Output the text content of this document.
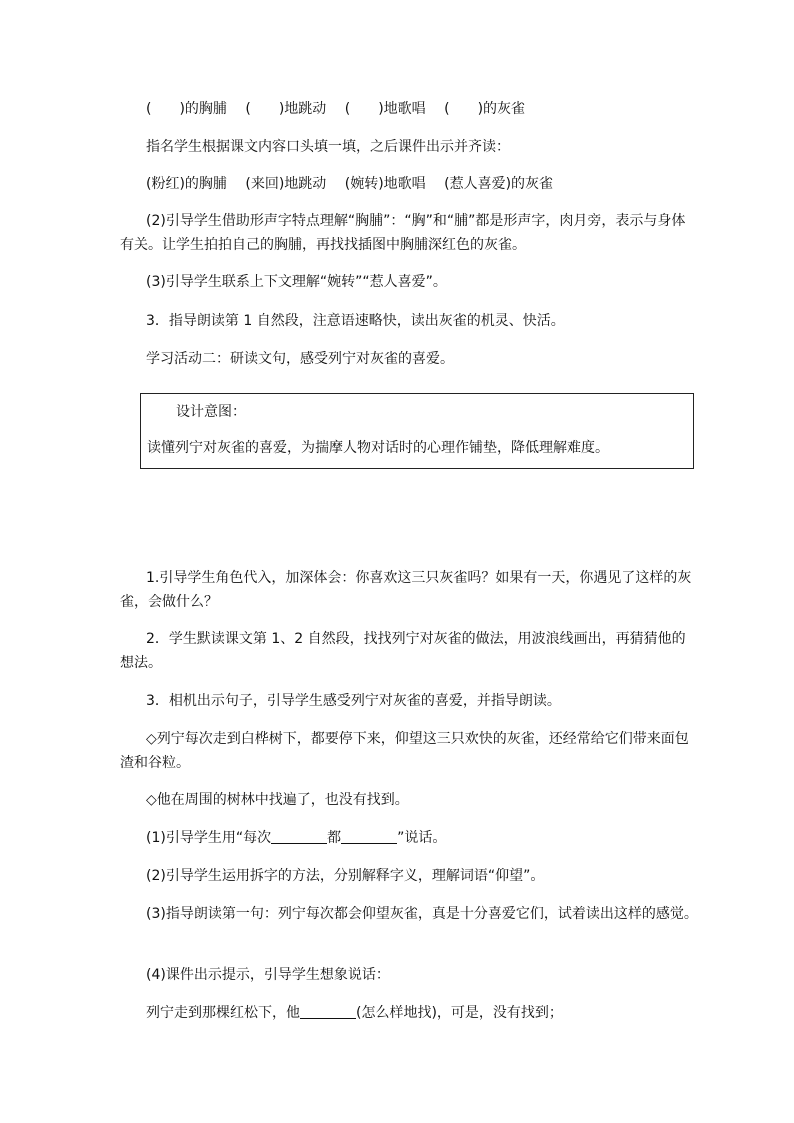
(　　)的胸脯　 (　　)地跳动　 (　　)地歌唱　 (　　)的灰雀
指名学生根据课文内容口头填一填，之后课件出示并齐读：
(粉红)的胸脯　 (来回)地跳动　 (婉转)地歌唱　 (惹人喜爱)的灰雀
(2)引导学生借助形声字特点理解“胸脯”：“胸”和“脯”都是形声字，肉月旁，表示与身体有关。让学生拍拍自己的胸脯，再找找插图中胸脯深红色的灰雀。
(3)引导学生联系上下文理解“婉转”“惹人喜爱”。
3．指导朗读第 1 自然段，注意语速略快，读出灰雀的机灵、快活。
学习活动二：研读文句，感受列宁对灰雀的喜爱。
设计意图：
读懂列宁对灰雀的喜爱，为揣摩人物对话时的心理作铺垫，降低理解难度。
1.引导学生角色代入，加深体会：你喜欢这三只灰雀吗？如果有一天，你遇见了这样的灰雀，会做什么？
2．学生默读课文第 1、2 自然段，找找列宁对灰雀的做法，用波浪线画出，再猜猜他的想法。
3．相机出示句子，引导学生感受列宁对灰雀的喜爱，并指导朗读。
◇列宁每次走到白桦树下，都要停下来，仰望这三只欢快的灰雀，还经常给它们带来面包渣和谷粒。
◇他在周围的树林中找遍了，也没有找到。
(1)引导学生用“每次	都	”说话。
(2)引导学生运用拆字的方法，分别解释字义，理解词语“仰望”。
(3)指导朗读第一句：列宁每次都会仰望灰雀，真是十分喜爱它们，试着读出这样的感觉。
(4)课件出示提示，引导学生想象说话：
列宁走到那棵红松下，他	(怎么样地找)，可是，没有找到；
